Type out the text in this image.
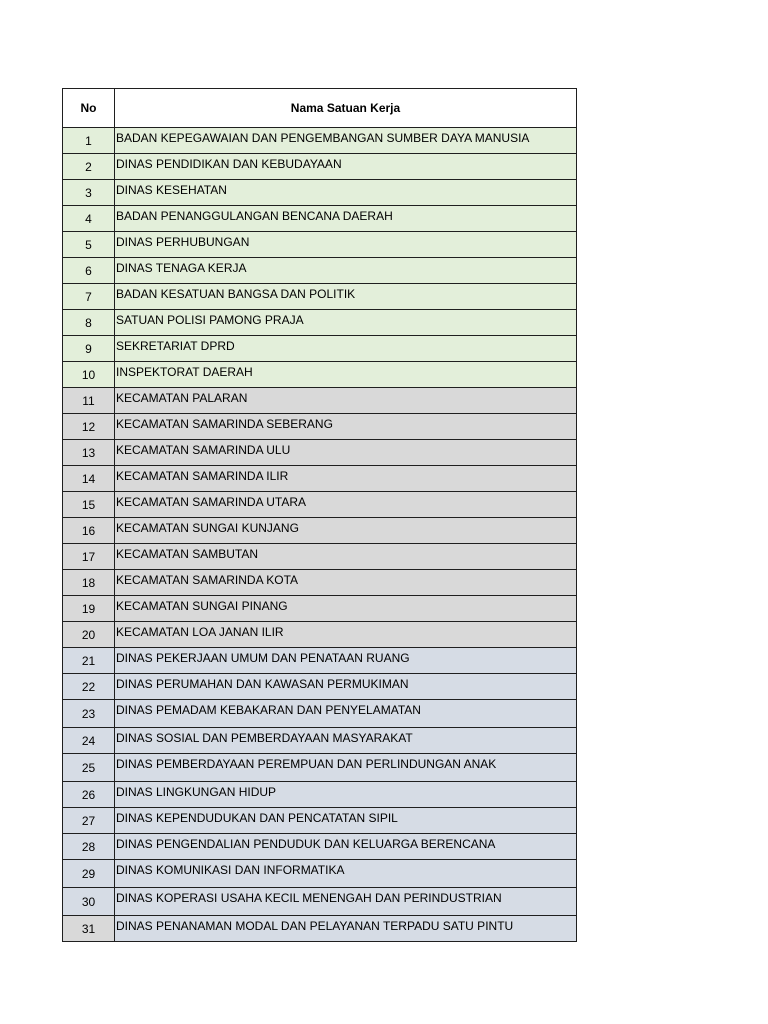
No	Nama Satuan Kerja
1	BADAN KEPEGAWAIAN DAN PENGEMBANGAN SUMBER DAYA MANUSIA
2	DINAS PENDIDIKAN DAN KEBUDAYAAN
3	DINAS KESEHATAN
4	BADAN PENANGGULANGAN BENCANA DAERAH
5	DINAS PERHUBUNGAN
6	DINAS TENAGA KERJA
7	BADAN KESATUAN BANGSA DAN POLITIK
8	SATUAN POLISI PAMONG PRAJA
9	SEKRETARIAT DPRD
10	INSPEKTORAT DAERAH
11	KECAMATAN PALARAN
12	KECAMATAN SAMARINDA SEBERANG
13	KECAMATAN SAMARINDA ULU
14	KECAMATAN SAMARINDA ILIR
15	KECAMATAN SAMARINDA UTARA
16	KECAMATAN SUNGAI KUNJANG
17	KECAMATAN SAMBUTAN
18	KECAMATAN SAMARINDA KOTA
19	KECAMATAN SUNGAI PINANG
20	KECAMATAN LOA JANAN ILIR
21	DINAS PEKERJAAN UMUM DAN PENATAAN RUANG
22	DINAS PERUMAHAN DAN KAWASAN PERMUKIMAN
23	DINAS PEMADAM KEBAKARAN DAN PENYELAMATAN
24	DINAS SOSIAL DAN PEMBERDAYAAN MASYARAKAT
25	DINAS PEMBERDAYAAN PEREMPUAN DAN PERLINDUNGAN ANAK
26	DINAS LINGKUNGAN HIDUP
27	DINAS KEPENDUDUKAN DAN PENCATATAN SIPIL
28	DINAS PENGENDALIAN PENDUDUK DAN KELUARGA BERENCANA
29	DINAS KOMUNIKASI DAN INFORMATIKA
30	DINAS KOPERASI USAHA KECIL MENENGAH DAN PERINDUSTRIAN
31	DINAS PENANAMAN MODAL DAN PELAYANAN TERPADU SATU PINTU
